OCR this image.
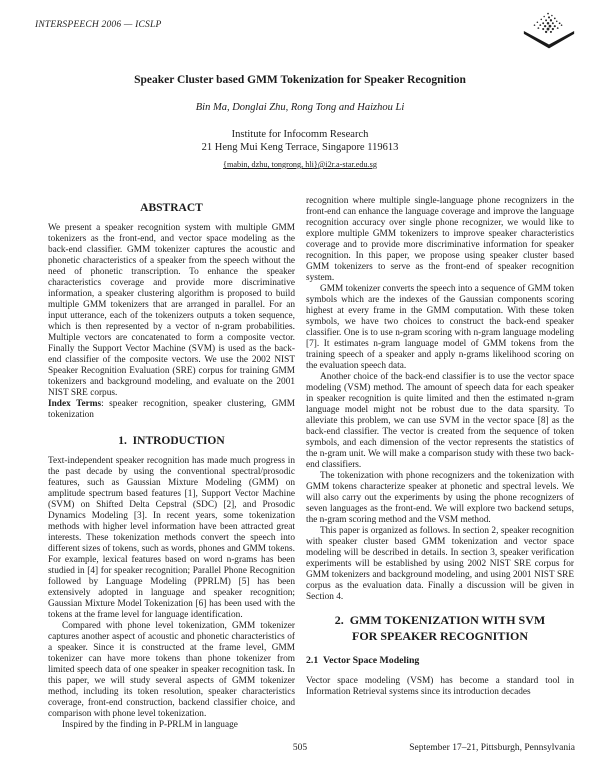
INTERSPEECH 2006 — ICSLP
Speaker Cluster based GMM Tokenization for Speaker Recognition
Bin Ma, Donglai Zhu, Rong Tong and Haizhou Li
Institute for Infocomm Research
21 Heng Mui Keng Terrace, Singapore 119613
{mabin, dzhu, tongrong, hli}@i2r.a-star.edu.sg
ABSTRACT

We present a speaker recognition system with multiple GMM tokenizers as the front-end, and vector space modeling as the back-end classifier. GMM tokenizer captures the acoustic and phonetic characteristics of a speaker from the speech without the need of phonetic transcription. To enhance the speaker characteristics coverage and provide more discriminative information, a speaker clustering algorithm is proposed to build multiple GMM tokenizers that are arranged in parallel. For an input utterance, each of the tokenizers outputs a token sequence, which is then represented by a vector of n-gram probabilities. Multiple vectors are concatenated to form a composite vector. Finally the Support Vector Machine (SVM) is used as the back-end classifier of the composite vectors. We use the 2002 NIST Speaker Recognition Evaluation (SRE) corpus for training GMM tokenizers and background modeling, and evaluate on the 2001 NIST SRE corpus.

Index Terms: speaker recognition, speaker clustering, GMM tokenization

1.  INTRODUCTION

Text-independent speaker recognition has made much progress in the past decade by using the conventional spectral/prosodic features, such as Gaussian Mixture Modeling (GMM) on amplitude spectrum based features [1], Support Vector Machine (SVM) on Shifted Delta Cepstral (SDC) [2], and Prosodic Dynamics Modeling [3]. In recent years, some tokenization methods with higher level information have been attracted great interests. These tokenization methods convert the speech into different sizes of tokens, such as words, phones and GMM tokens. For example, lexical features based on word n-grams has been studied in [4] for speaker recognition; Parallel Phone Recognition followed by Language Modeling (PPRLM) [5] has been extensively adopted in language and speaker recognition; Gaussian Mixture Model Tokenization [6] has been used with the tokens at the frame level for language identification.

Compared with phone level tokenization, GMM tokenizer captures another aspect of acoustic and phonetic characteristics of a speaker. Since it is constructed at the frame level, GMM tokenizer can have more tokens than phone tokenizer from limited speech data of one speaker in speaker recognition task. In this paper, we will study several aspects of GMM tokenizer method, including its token resolution, speaker characteristics coverage, front-end construction, backend classifier choice, and comparison with phone level tokenization.

Inspired by the finding in P-PRLM in language

recognition where multiple single-language phone recognizers in the front-end can enhance the language coverage and improve the language recognition accuracy over single phone recognizer, we would like to explore multiple GMM tokenizers to improve speaker characteristics coverage and to provide more discriminative information for speaker recognition. In this paper, we propose using speaker cluster based GMM tokenizers to serve as the front-end of speaker recognition system.

GMM tokenizer converts the speech into a sequence of GMM token symbols which are the indexes of the Gaussian components scoring highest at every frame in the GMM computation. With these token symbols, we have two choices to construct the back-end speaker classifier. One is to use n-gram scoring with n-gram language modeling [7]. It estimates n-gram language model of GMM tokens from the training speech of a speaker and apply n-grams likelihood scoring on the evaluation speech data.

Another choice of the back-end classifier is to use the vector space modeling (VSM) method. The amount of speech data for each speaker in speaker recognition is quite limited and then the estimated n-gram language model might not be robust due to the data sparsity. To alleviate this problem, we can use SVM in the vector space [8] as the back-end classifier. The vector is created from the sequence of token symbols, and each dimension of the vector represents the statistics of the n-gram unit. We will make a comparison study with these two back-end classifiers.

The tokenization with phone recognizers and the tokenization with GMM tokens characterize speaker at phonetic and spectral levels. We will also carry out the experiments by using the phone recognizers of seven languages as the front-end. We will explore two backend setups, the n-gram scoring method and the VSM method.

This paper is organized as follows. In section 2, speaker recognition with speaker cluster based GMM tokenization and vector space modeling will be described in details. In section 3, speaker verification experiments will be established by using 2002 NIST SRE corpus for GMM tokenizers and background modeling, and using 2001 NIST SRE corpus as the evaluation data. Finally a discussion will be given in Section 4.

2.  GMM TOKENIZATION WITH SVM FOR SPEAKER RECOGNITION
2.1  Vector Space Modeling

Vector space modeling (VSM) has become a standard tool in Information Retrieval systems since its introduction decades

505	September 17–21, Pittsburgh, Pennsylvania
